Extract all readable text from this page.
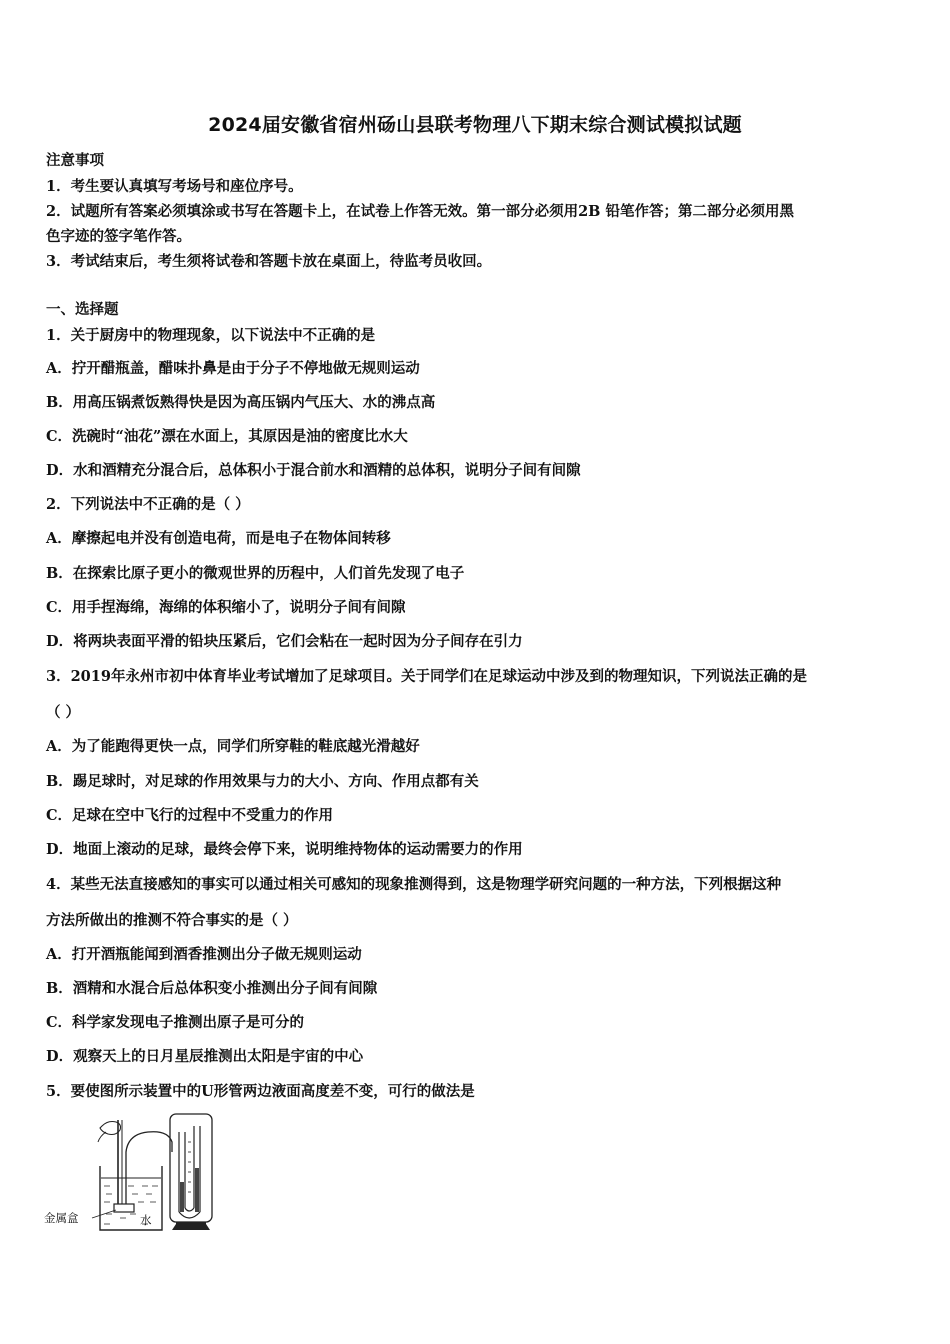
2024届安徽省宿州砀山县联考物理八下期末综合测试模拟试题
注意事项
1．考生要认真填写考场号和座位序号。
2．试题所有答案必须填涂或书写在答题卡上，在试卷上作答无效。第一部分必须用2B 铅笔作答；第二部分必须用黑
色字迹的签字笔作答。
3．考试结束后，考生须将试卷和答题卡放在桌面上，待监考员收回。
一、选择题
1．关于厨房中的物理现象，以下说法中不正确的是
A．拧开醋瓶盖，醋味扑鼻是由于分子不停地做无规则运动
B．用高压锅煮饭熟得快是因为高压锅内气压大、水的沸点高
C．洗碗时“油花”漂在水面上，其原因是油的密度比水大
D．水和酒精充分混合后，总体积小于混合前水和酒精的总体积，说明分子间有间隙
2．下列说法中不正确的是（ ）
A．摩擦起电并没有创造电荷，而是电子在物体间转移
B．在探索比原子更小的微观世界的历程中，人们首先发现了电子
C．用手捏海绵，海绵的体积缩小了，说明分子间有间隙
D．将两块表面平滑的铅块压紧后，它们会粘在一起时因为分子间存在引力
3．2019年永州市初中体育毕业考试增加了足球项目。关于同学们在足球运动中涉及到的物理知识，下列说法正确的是
（ ）
A．为了能跑得更快一点，同学们所穿鞋的鞋底越光滑越好
B．踢足球时，对足球的作用效果与力的大小、方向、作用点都有关
C．足球在空中飞行的过程中不受重力的作用
D．地面上滚动的足球，最终会停下来，说明维持物体的运动需要力的作用
4．某些无法直接感知的事实可以通过相关可感知的现象推测得到，这是物理学研究问题的一种方法，下列根据这种
方法所做出的推测不符合事实的是（ ）
A．打开酒瓶能闻到酒香推测出分子做无规则运动
B．酒精和水混合后总体积变小推测出分子间有间隙
C．科学家发现电子推测出原子是可分的
D．观察天上的日月星辰推测出太阳是宇宙的中心
5．要使图所示装置中的U形管两边液面高度差不变，可行的做法是
金属盒	水
